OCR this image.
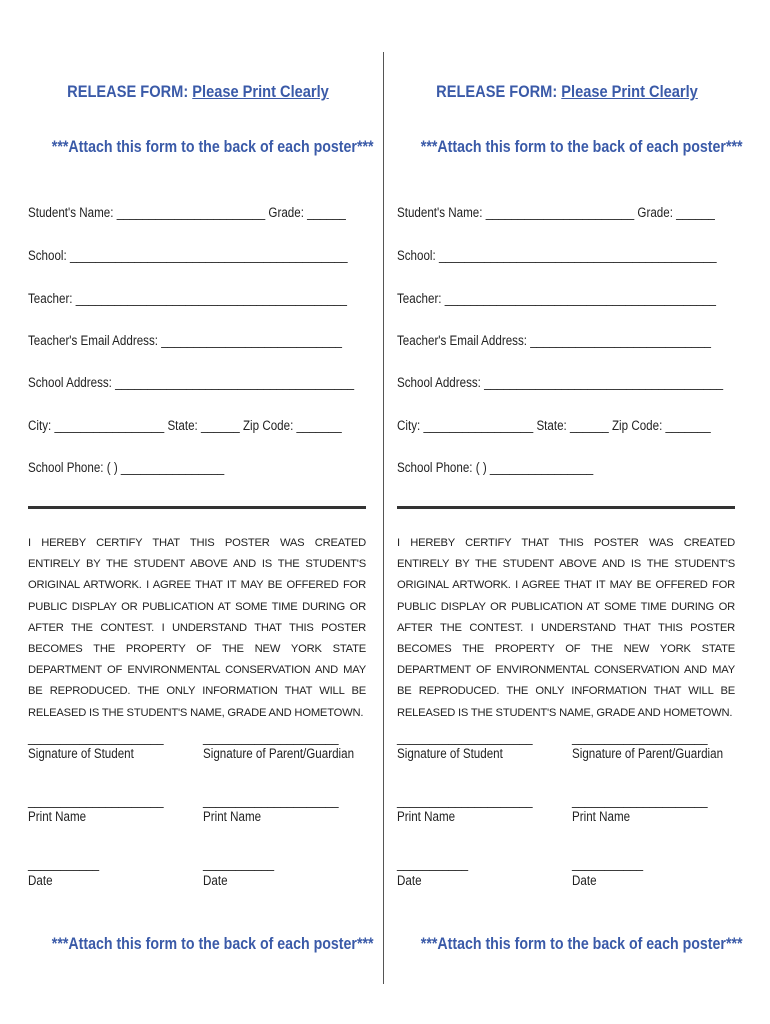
RELEASE FORM: Please Print Clearly
***Attach this form to the back of each poster***
Student's Name: _______________________ Grade: ______
School: ___________________________________________
Teacher: __________________________________________
Teacher's Email Address: ____________________________
School Address: _____________________________________
City: _________________ State: ______ Zip Code: _______
School Phone: ( ) ________________
I HEREBY CERTIFY THAT THIS POSTER WAS CREATED ENTIRELY BY THE STUDENT ABOVE AND IS THE STUDENT'S ORIGINAL ARTWORK. I AGREE THAT IT MAY BE OFFERED FOR PUBLIC DISPLAY OR PUBLICATION AT SOME TIME DURING OR AFTER THE CONTEST. I UNDERSTAND THAT THIS POSTER BECOMES THE PROPERTY OF THE NEW YORK STATE DEPARTMENT OF ENVIRONMENTAL CONSERVATION AND MAY BE REPRODUCED. THE ONLY INFORMATION THAT WILL BE RELEASED IS THE STUDENT'S NAME, GRADE AND HOMETOWN.
_____________________
Signature of Student
_____________________
Signature of Parent/Guardian
_____________________
Print Name
_____________________
Print Name
___________
Date
___________
Date
***Attach this form to the back of each poster***
RELEASE FORM: Please Print Clearly
***Attach this form to the back of each poster***
Student's Name: _______________________ Grade: ______
School: ___________________________________________
Teacher: __________________________________________
Teacher's Email Address: ____________________________
School Address: _____________________________________
City: _________________ State: ______ Zip Code: _______
School Phone: ( ) ________________
I HEREBY CERTIFY THAT THIS POSTER WAS CREATED ENTIRELY BY THE STUDENT ABOVE AND IS THE STUDENT'S ORIGINAL ARTWORK. I AGREE THAT IT MAY BE OFFERED FOR PUBLIC DISPLAY OR PUBLICATION AT SOME TIME DURING OR AFTER THE CONTEST. I UNDERSTAND THAT THIS POSTER BECOMES THE PROPERTY OF THE NEW YORK STATE DEPARTMENT OF ENVIRONMENTAL CONSERVATION AND MAY BE REPRODUCED. THE ONLY INFORMATION THAT WILL BE RELEASED IS THE STUDENT'S NAME, GRADE AND HOMETOWN.
_____________________
Signature of Student
_____________________
Signature of Parent/Guardian
_____________________
Print Name
_____________________
Print Name
___________
Date
___________
Date
***Attach this form to the back of each poster***
